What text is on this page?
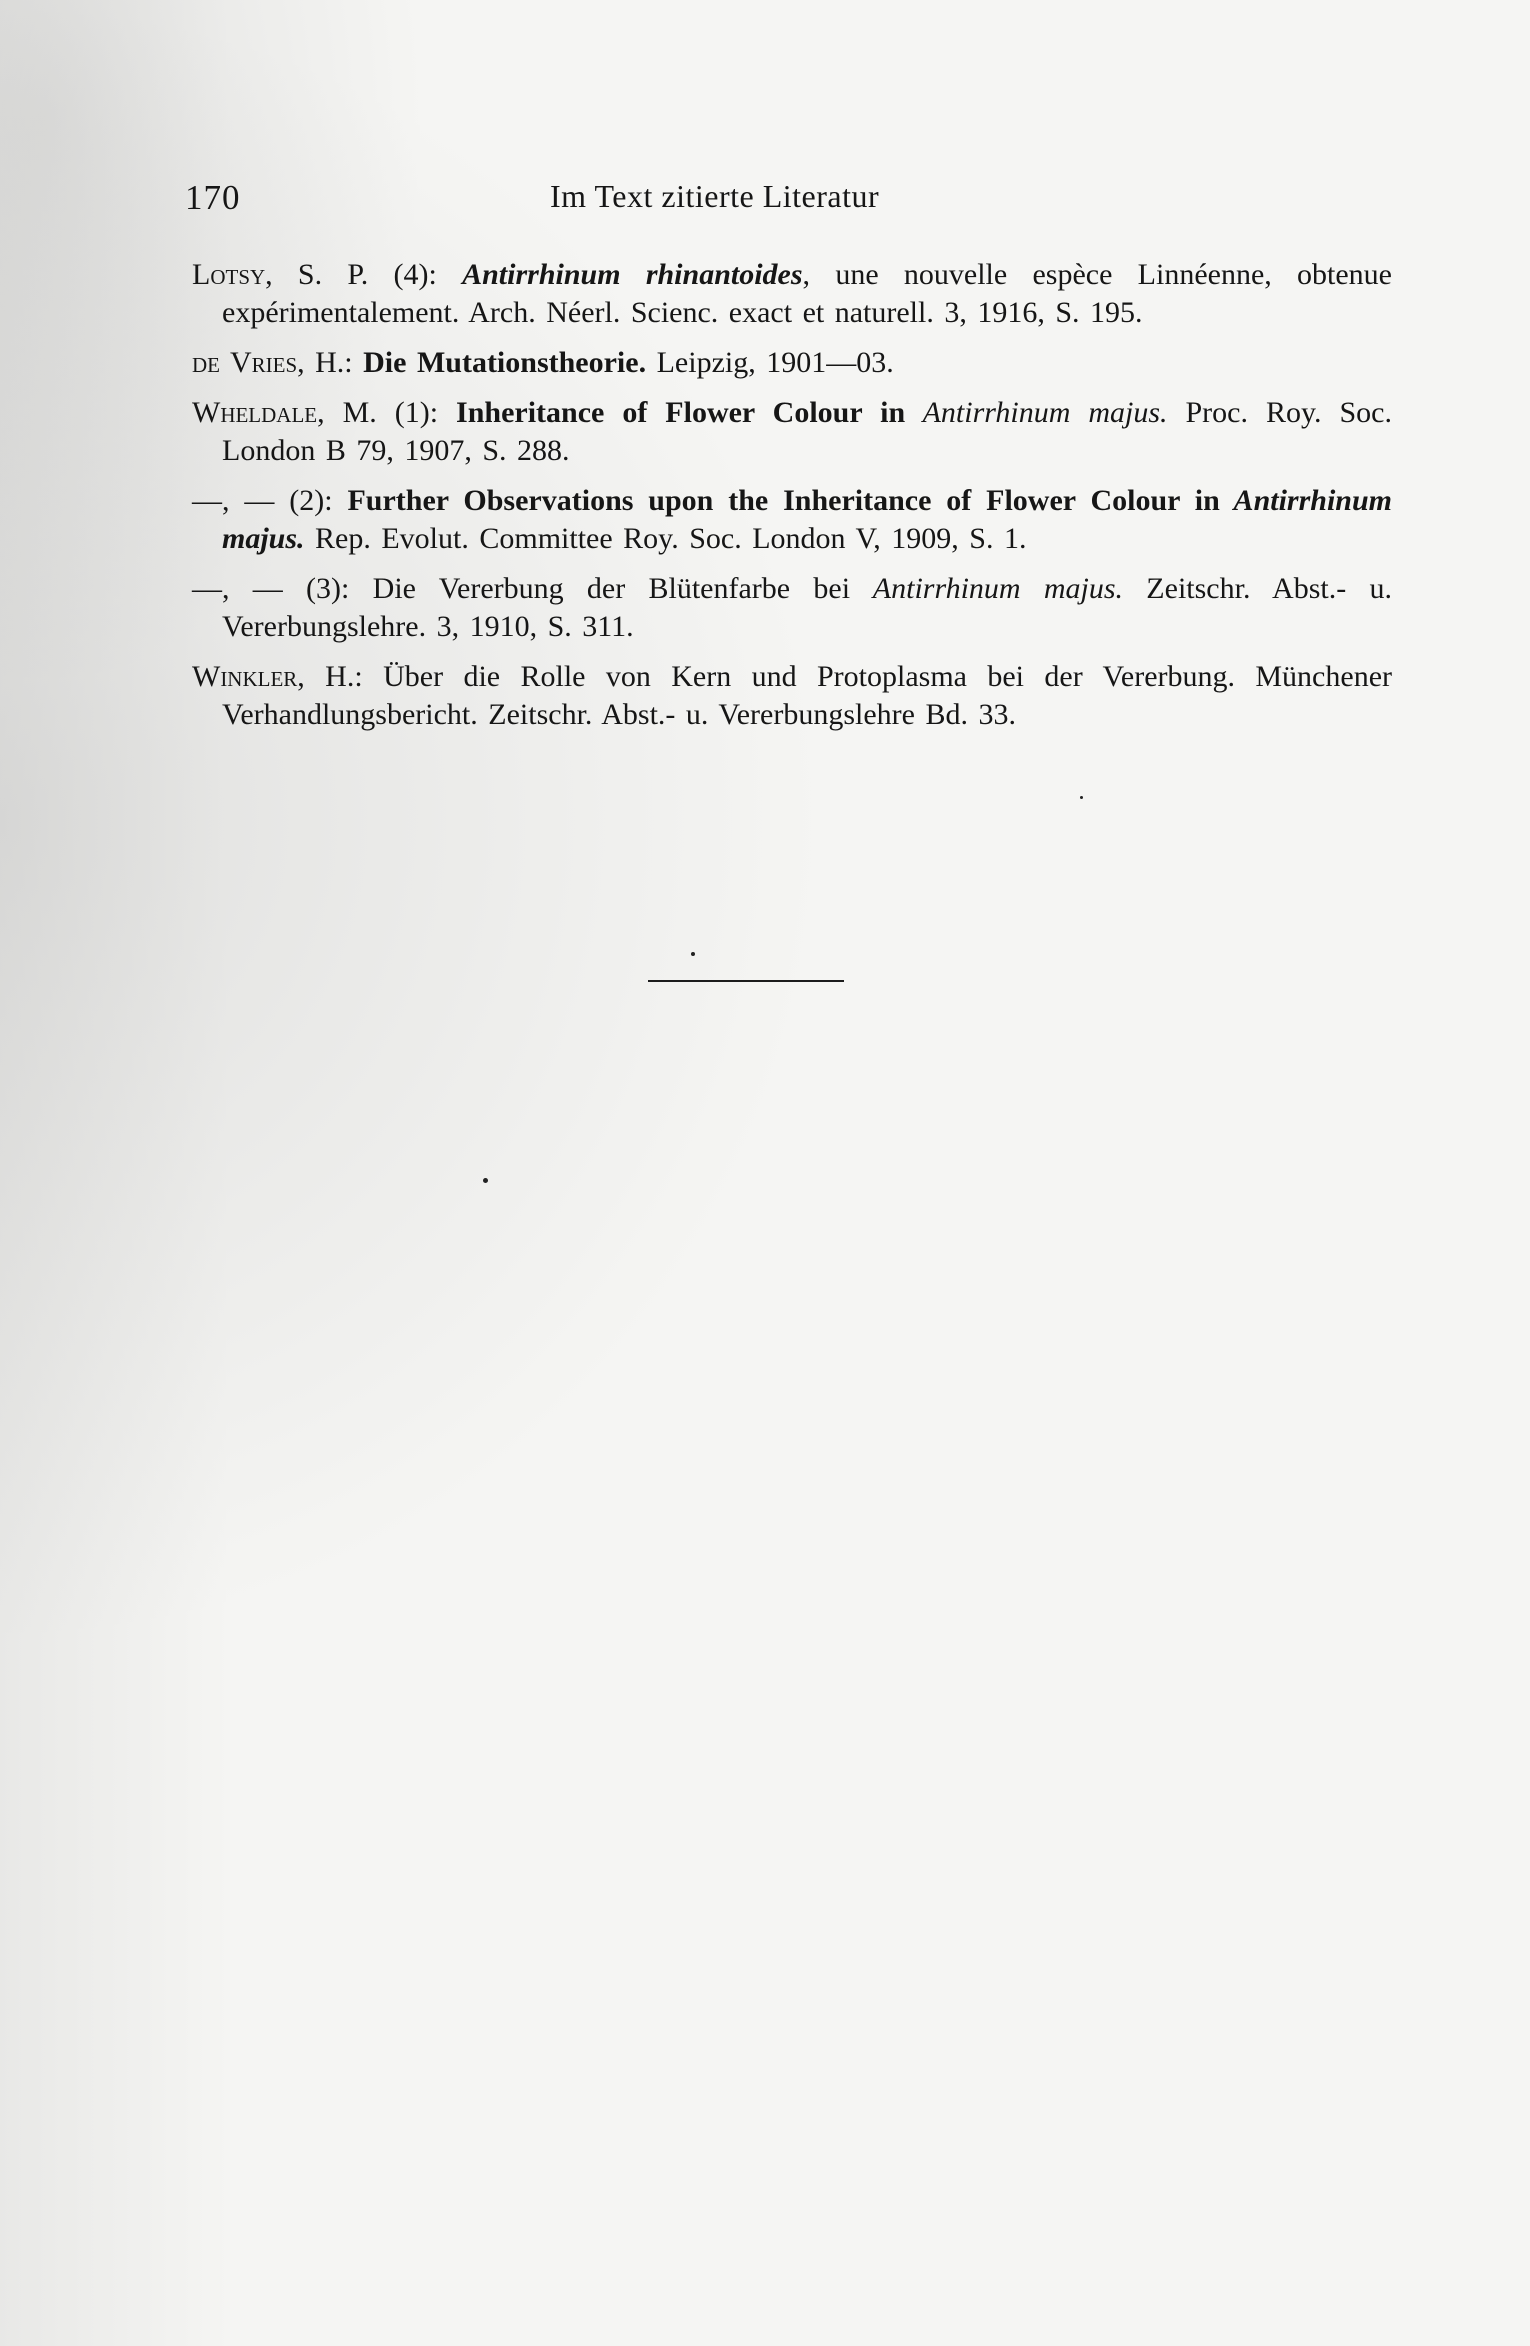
170	Im Text zitierte Literatur
Lotsy, S. P. (4): Antirrhinum rhinantoides, une nouvelle espèce Linnéenne, obtenue expérimentalement. Arch. Néerl. Scienc. exact et naturell. 3, 1916, S. 195.
de Vries, H.: Die Mutationstheorie. Leipzig, 1901—03.
Wheldale, M. (1): Inheritance of Flower Colour in Antirrhinum majus. Proc. Roy. Soc. London B 79, 1907, S. 288.
—, — (2): Further Observations upon the Inheritance of Flower Colour in Antirrhinum majus. Rep. Evolut. Committee Roy. Soc. London V, 1909, S. 1.
—, — (3): Die Vererbung der Blütenfarbe bei Antirrhinum majus. Zeitschr. Abst.- u. Vererbungslehre. 3, 1910, S. 311.
Winkler, H.: Über die Rolle von Kern und Protoplasma bei der Vererbung. Münchener Verhandlungsbericht. Zeitschr. Abst.- u. Vererbungslehre Bd. 33.
